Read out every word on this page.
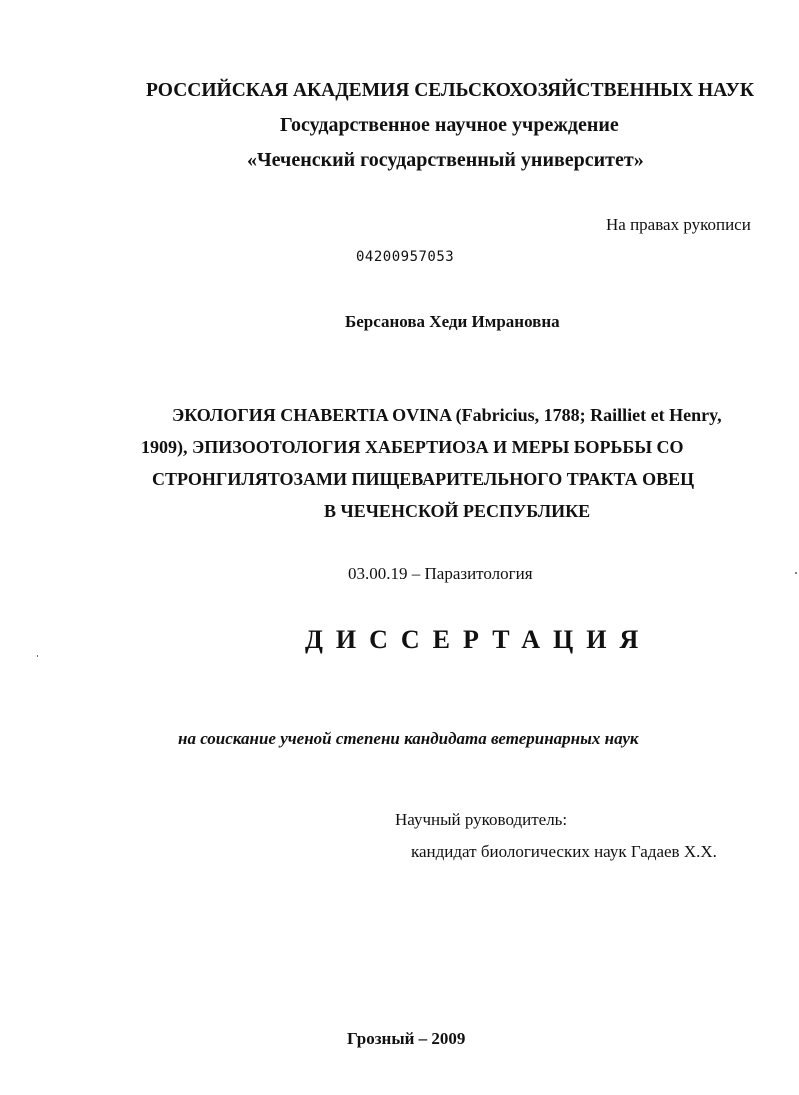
РОССИЙСКАЯ АКАДЕМИЯ СЕЛЬСКОХОЗЯЙСТВЕННЫХ НАУК
Государственное научное учреждение
«Чеченский государственный университет»
На правах рукописи
04200957053
Берсанова Хеди Имрановна
ЭКОЛОГИЯ CHABERTIA OVINA (Fabricius, 1788; Railliet et Henry,
1909), ЭПИЗООТОЛОГИЯ ХАБЕРТИОЗА И МЕРЫ БОРЬБЫ СО
СТРОНГИЛЯТОЗАМИ ПИЩЕВАРИТЕЛЬНОГО ТРАКТА ОВЕЦ
В ЧЕЧЕНСКОЙ РЕСПУБЛИКЕ
03.00.19 – Паразитология
ДИССЕРТАЦИЯ
на соискание ученой степени кандидата ветеринарных наук
Научный руководитель:
кандидат биологических наук Гадаев Х.Х.
Грозный – 2009
